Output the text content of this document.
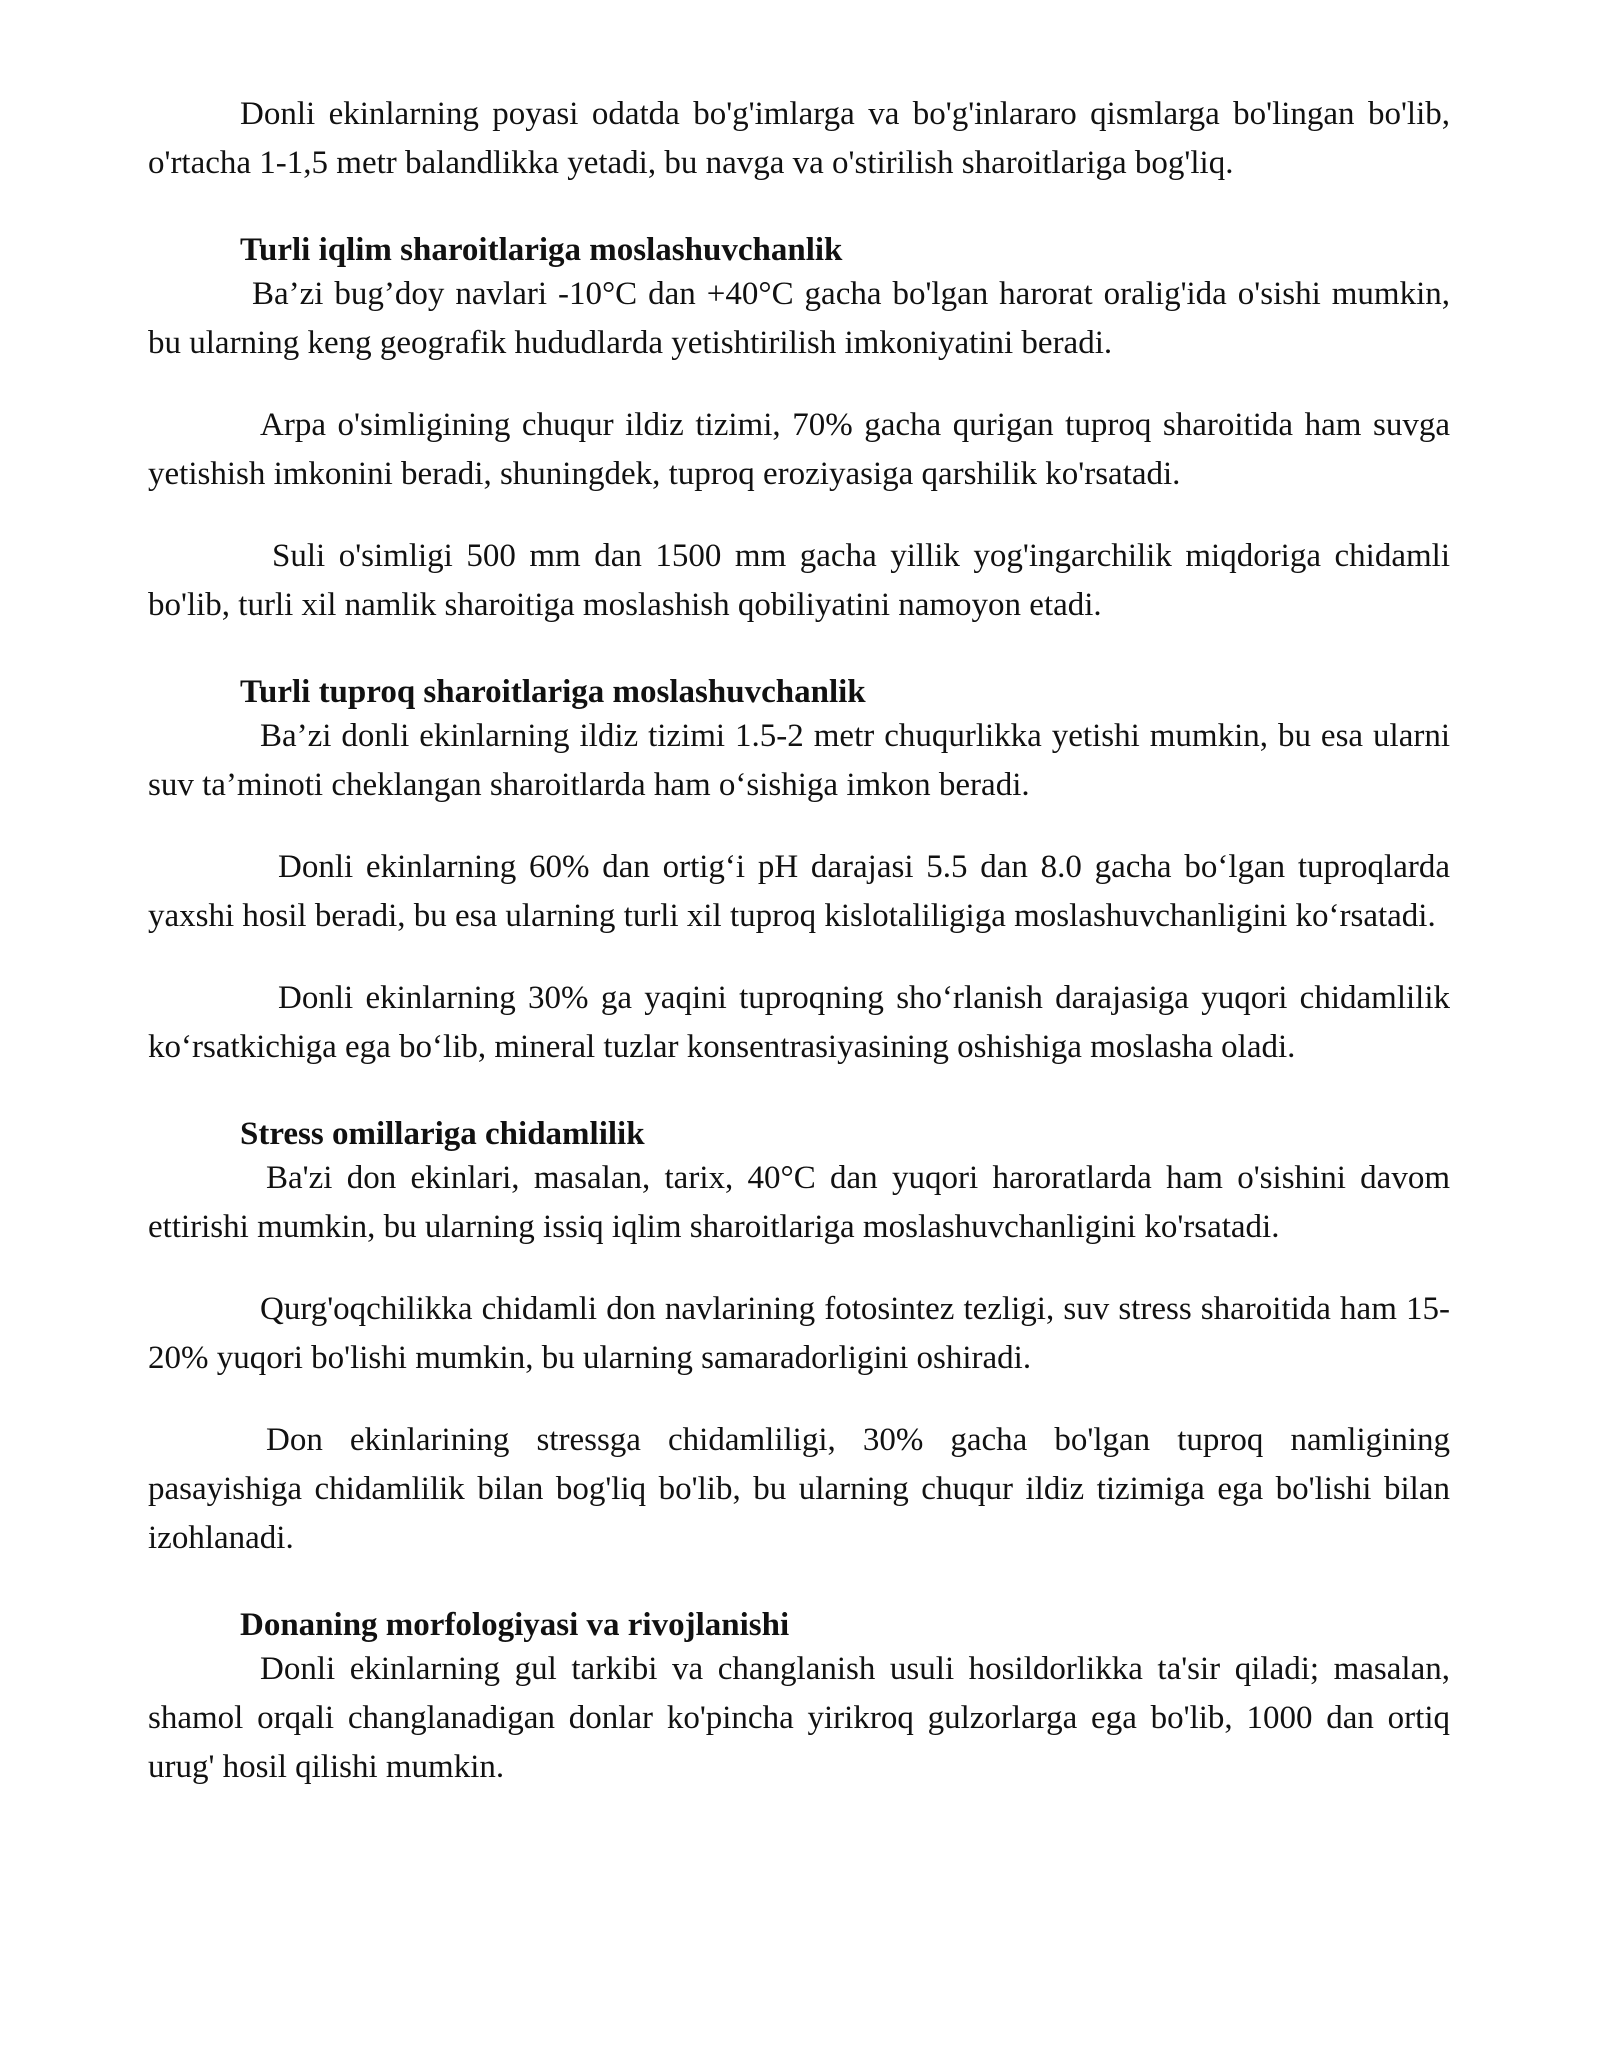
Donli ekinlarning poyasi odatda bo'g'imlarga va bo'g'inlararo qismlarga bo'lingan bo'lib, o'rtacha 1-1,5 metr balandlikka yetadi, bu navga va o'stirilish sharoitlariga bog'liq.

Turli iqlim sharoitlariga moslashuvchanlik

Ba’zi bug’doy navlari -10°C dan +40°C gacha bo'lgan harorat oralig'ida o'sishi mumkin, bu ularning keng geografik hududlarda yetishtirilish imkoniyatini beradi.

Arpa o'simligining chuqur ildiz tizimi, 70% gacha qurigan tuproq sharoitida ham suvga yetishish imkonini beradi, shuningdek, tuproq eroziyasiga qarshilik ko'rsatadi.

Suli o'simligi 500 mm dan 1500 mm gacha yillik yog'ingarchilik miqdoriga chidamli bo'lib, turli xil namlik sharoitiga moslashish qobiliyatini namoyon etadi.

Turli tuproq sharoitlariga moslashuvchanlik

Ba’zi donli ekinlarning ildiz tizimi 1.5-2 metr chuqurlikka yetishi mumkin, bu esa ularni suv ta’minoti cheklangan sharoitlarda ham o‘sishiga imkon beradi.

Donli ekinlarning 60% dan ortig‘i pH darajasi 5.5 dan 8.0 gacha bo‘lgan tuproqlarda yaxshi hosil beradi, bu esa ularning turli xil tuproq kislotaliligiga moslashuvchanligini ko‘rsatadi.

Donli ekinlarning 30% ga yaqini tuproqning sho‘rlanish darajasiga yuqori chidamlilik ko‘rsatkichiga ega bo‘lib, mineral tuzlar konsentrasiyasining oshishiga moslasha oladi.

Stress omillariga chidamlilik

Ba'zi don ekinlari, masalan, tarix, 40°C dan yuqori haroratlarda ham o'sishini davom ettirishi mumkin, bu ularning issiq iqlim sharoitlariga moslashuvchanligini ko'rsatadi.

Qurg'oqchilikka chidamli don navlarining fotosintez tezligi, suv stress sharoitida ham 15-20% yuqori bo'lishi mumkin, bu ularning samaradorligini oshiradi.

Don ekinlarining stressga chidamliligi, 30% gacha bo'lgan tuproq namligining pasayishiga chidamlilik bilan bog'liq bo'lib, bu ularning chuqur ildiz tizimiga ega bo'lishi bilan izohlanadi.

Donaning morfologiyasi va rivojlanishi

Donli ekinlarning gul tarkibi va changlanish usuli hosildorlikka ta'sir qiladi; masalan, shamol orqali changlanadigan donlar ko'pincha yirikroq gulzorlarga ega bo'lib, 1000 dan ortiq urug' hosil qilishi mumkin.
